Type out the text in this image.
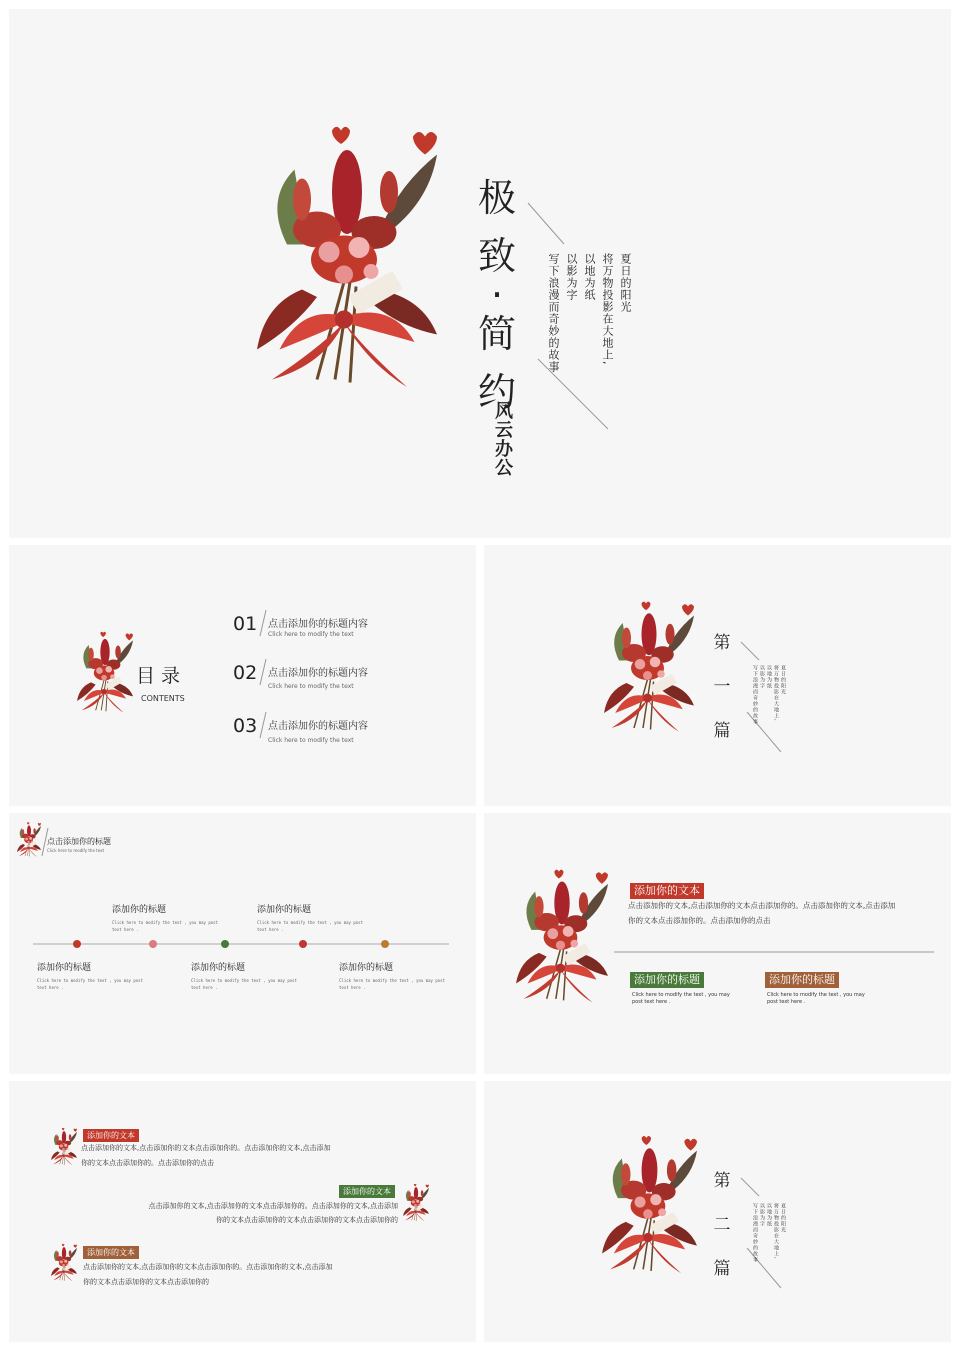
极
致
·
简
约
风云办公
夏日的阳光
将万物投影在大地上,
以地为纸
以影为字
写下浪漫而奇妙的故事
目 录
CONTENTS
01 点击添加你的标题内容
Click here to modify the text
02 点击添加你的标题内容
Click here to modify the text
03 点击添加你的标题内容
Click here to modify the text
第
一
篇
夏日的阳光
将万物投影在大地上,
以地为纸
以影为字
写下浪漫而奇妙的故事
点击添加你的标题
Click here to modify the text
添加你的标题
Click here to modify the text , you may post text here .
添加你的标题
Click here to modify the text , you may post text here .
添加你的标题
Click here to modify the text , you may post text here .
添加你的标题
Click here to modify the text , you may post text here .
添加你的标题
Click here to modify the text , you may post text here .
添加你的文本
点击添加你的文本,点击添加你的文本点击添加你的。点击添加你的文本,点击添加
你的文本点击添加你的。点击添加你的点击
添加你的标题
Click here to modify the text , you may
post text here .
添加你的标题
Click here to modify the text , you may
post text here .
添加你的文本
点击添加你的文本,点击添加你的文本点击添加你的。点击添加你的文本,点击添加
你的文本点击添加你的。点击添加你的点击
添加你的文本
点击添加你的文本,点击添加你的文本点击添加你的。点击添加你的文本,点击添加
你的文本点击添加你的文本点击添加你的文本点击添加你的
添加你的文本
点击添加你的文本,点击添加你的文本点击添加你的。点击添加你的文本,点击添加
你的文本点击添加你的文本点击添加你的
第
二
篇
夏日的阳光
将万物投影在大地上,
以地为纸
以影为字
写下浪漫而奇妙的故事
